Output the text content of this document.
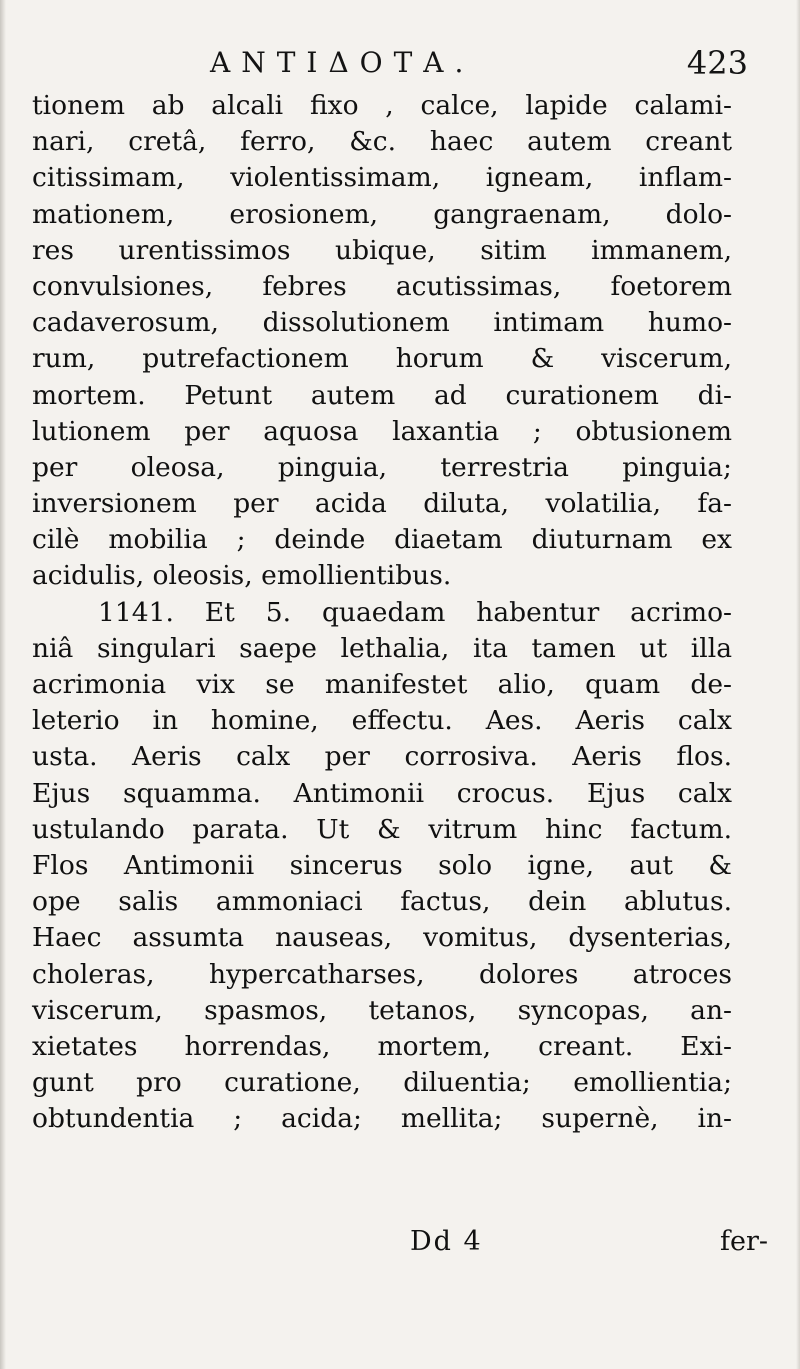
ΑΝΤΙΔΟΤΑ.	423
tionem ab alcali fixo , calce, lapide calami-
nari, cretâ, ferro, &c. haec autem creant
citissimam, violentissimam, igneam, inflam-
mationem, erosionem, gangraenam, dolo-
res urentissimos ubique, sitim immanem,
convulsiones, febres acutissimas, foetorem
cadaverosum, dissolutionem intimam humo-
rum, putrefactionem horum & viscerum,
mortem. Petunt autem ad curationem di-
lutionem per aquosa laxantia ; obtusionem
per oleosa, pinguia, terrestria pinguia;
inversionem per acida diluta, volatilia, fa-
cilè mobilia ; deinde diaetam diuturnam ex
acidulis, oleosis, emollientibus.
1141. Et 5. quaedam habentur acrimo-
niâ singulari saepe lethalia, ita tamen ut illa
acrimonia vix se manifestet alio, quam de-
leterio in homine, effectu. Aes. Aeris calx
usta. Aeris calx per corrosiva. Aeris flos.
Ejus squamma. Antimonii crocus. Ejus calx
ustulando parata. Ut & vitrum hinc factum.
Flos Antimonii sincerus solo igne, aut &
ope salis ammoniaci factus, dein ablutus.
Haec assumta nauseas, vomitus, dysenterias,
choleras, hypercatharses, dolores atroces
viscerum, spasmos, tetanos, syncopas, an-
xietates horrendas, mortem, creant. Exi-
gunt pro curatione, diluentia; emollientia;
obtundentia ; acida; mellita; supernè, in-
Dd 4	fer-
